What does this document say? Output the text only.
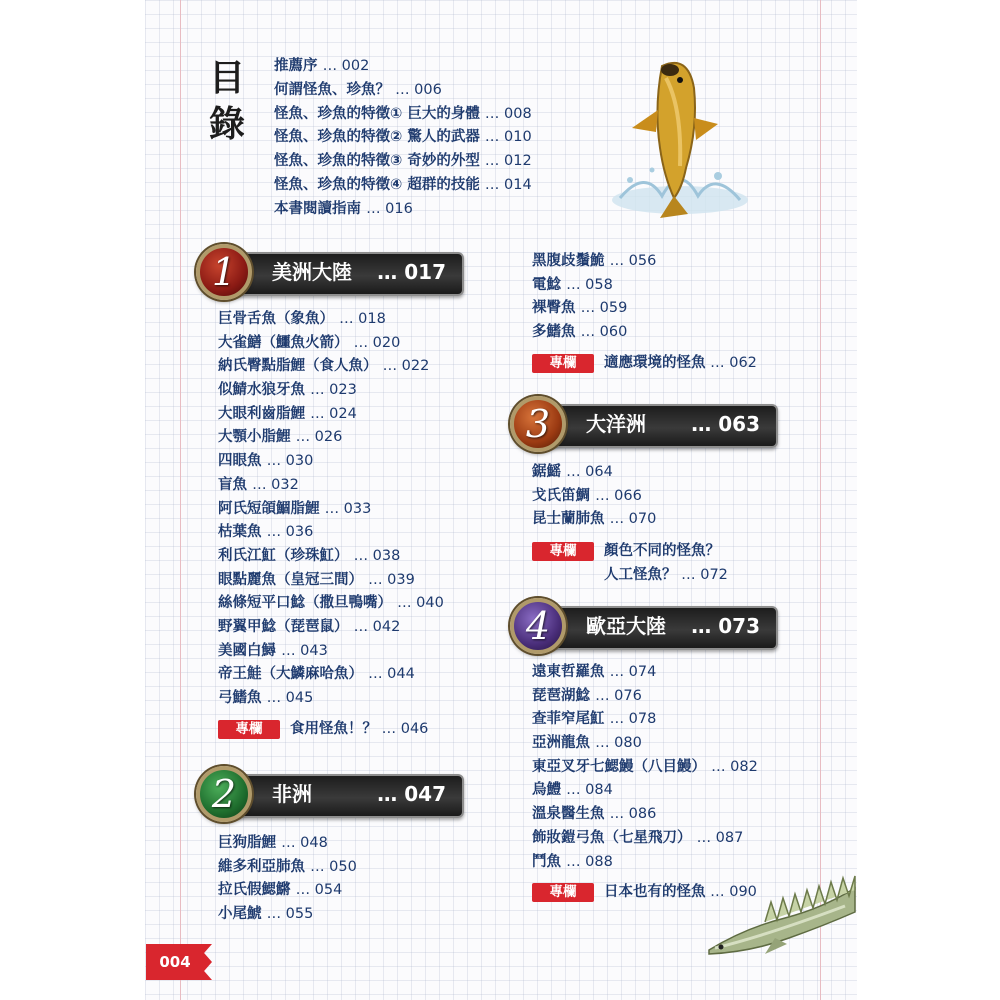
目
錄
推薦序 … 002
何謂怪魚、珍魚？ … 006
怪魚、珍魚的特徵① 巨大的身體 … 008
怪魚、珍魚的特徵② 驚人的武器 … 010
怪魚、珍魚的特徵③ 奇妙的外型 … 012
怪魚、珍魚的特徵④ 超群的技能 … 014
本書閱讀指南 … 016
1	美洲大陸 … 017
巨骨舌魚（象魚） … 018
大雀鱔（鱷魚火箭） … 020
納氏臀點脂鯉（食人魚） … 022
似鯖水狼牙魚 … 023
大眼利齒脂鯉 … 024
大顎小脂鯉 … 026
四眼魚 … 030
盲魚 … 032
阿氏短頜鯝脂鯉 … 033
枯葉魚 … 036
利氏江魟（珍珠魟） … 038
眼點麗魚（皇冠三間） … 039
絲條短平口鯰（撒旦鴨嘴） … 040
野翼甲鯰（琵琶鼠） … 042
美國白鱘 … 043
帝王鮭（大鱗麻哈魚） … 044
弓鰭魚 … 045
專欄 食用怪魚！？ … 046
2	非洲	… 047
巨狗脂鯉 … 048
維多利亞肺魚 … 050
拉氏假鰓鱂 … 054
小尾鯱 … 055
黑腹歧鬚鮠 … 056
電鯰 … 058
裸臀魚 … 059
多鰭魚 … 060
專欄 適應環境的怪魚 … 062
3	大洋洲 … 063
鋸鰩 … 064
戈氏笛鯛 … 066
昆士蘭肺魚 … 070
專欄 顏色不同的怪魚？
人工怪魚？ … 072
4	歐亞大陸 … 073
遠東哲羅魚 … 074
琵琶湖鯰 … 076
查菲窄尾魟 … 078
亞洲龍魚 … 080
東亞叉牙七鰓鰻（八目鰻） … 082
烏鱧 … 084
溫泉醫生魚 … 086
飾妝鎧弓魚（七星飛刀） … 087
鬥魚 … 088
專欄 日本也有的怪魚 … 090
004
